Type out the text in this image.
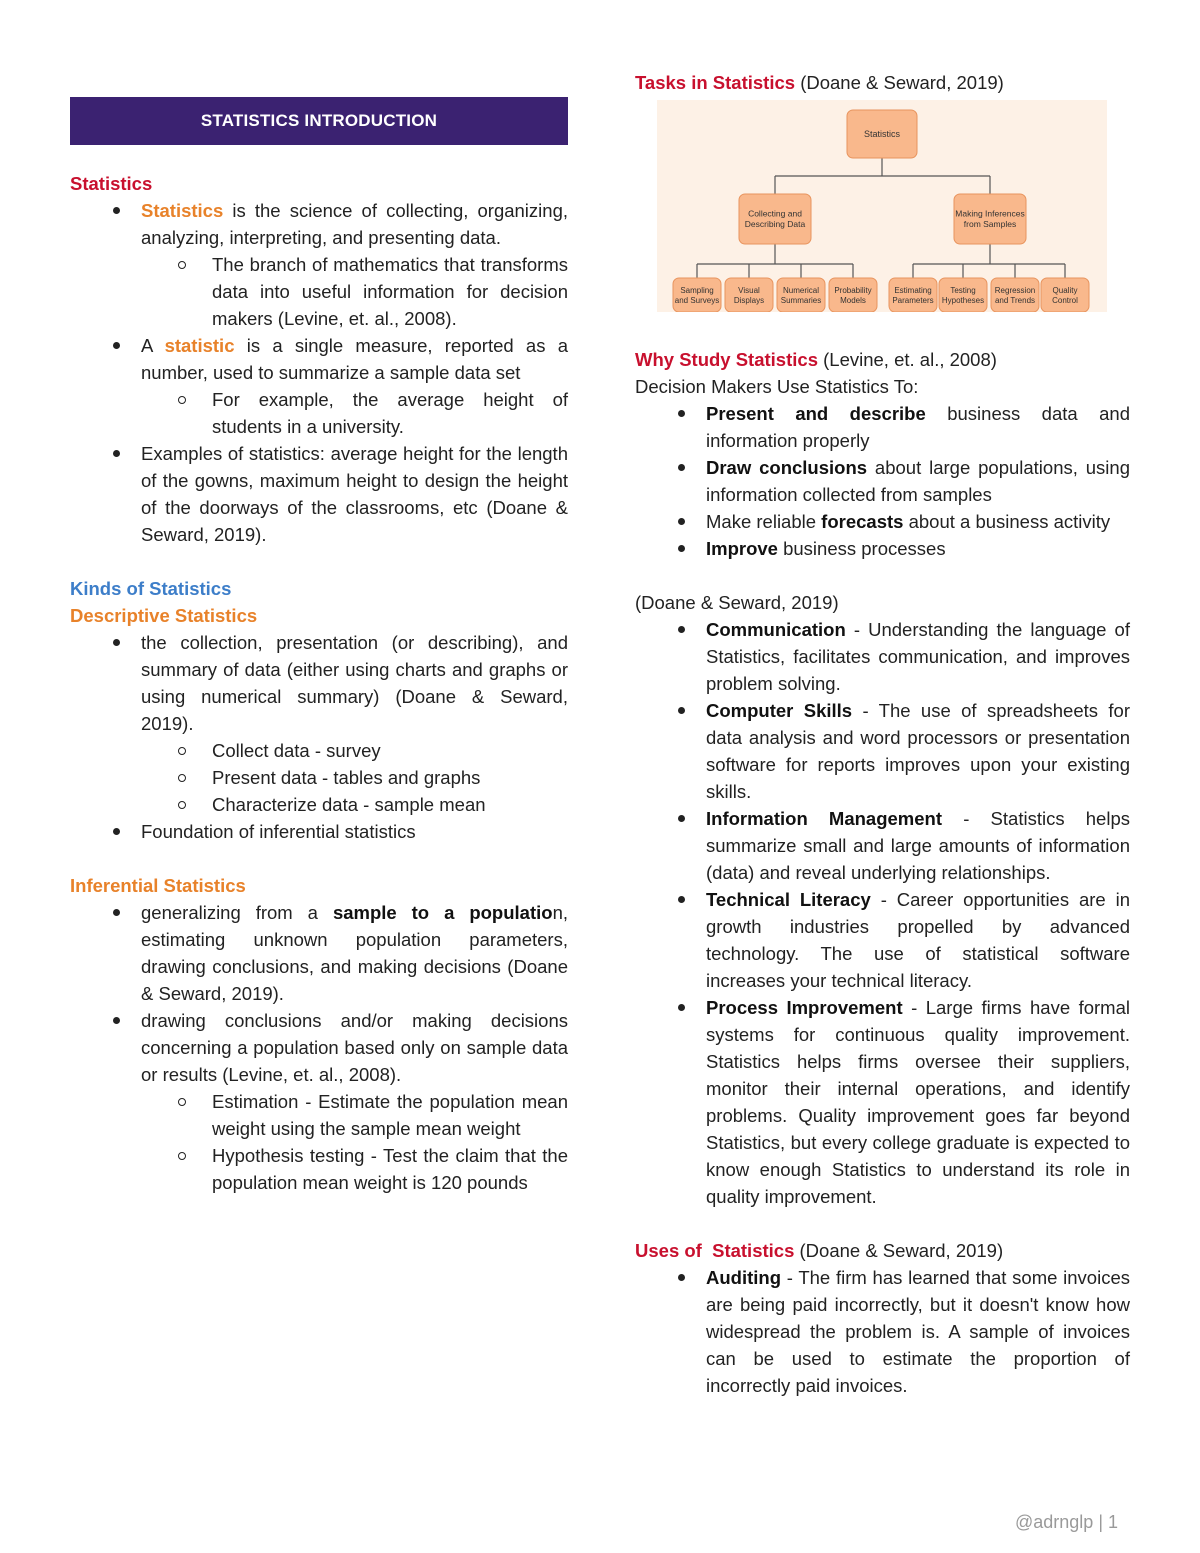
STATISTICS INTRODUCTION
Statistics
Statistics is the science of collecting, organizing, analyzing, interpreting, and presenting data.
The branch of mathematics that transforms data into useful information for decision makers (Levine, et. al., 2008).
A statistic is a single measure, reported as a number, used to summarize a sample data set
For example, the average height of students in a university.
Examples of statistics: average height for the length of the gowns, maximum height to design the height of the doorways of the classrooms, etc (Doane & Seward, 2019).
Kinds of Statistics
Descriptive Statistics
the collection, presentation (or describing), and summary of data (either using charts and graphs or using numerical summary) (Doane & Seward, 2019).
Collect data - survey
Present data - tables and graphs
Characterize data - sample mean
Foundation of inferential statistics
Inferential Statistics
generalizing from a sample to a population, estimating unknown population parameters, drawing conclusions, and making decisions (Doane & Seward, 2019).
drawing conclusions and/or making decisions concerning a population based only on sample data or results (Levine, et. al., 2008).
Estimation - Estimate the population mean weight using the sample mean weight
Hypothesis testing - Test the claim that the population mean weight is 120 pounds
Tasks in Statistics (Doane & Seward, 2019)
Statistics
Collecting and
Describing Data
Making Inferences
from Samples
Sampling
and Surveys
Visual
Displays
Numerical
Summaries
Probability
Models
Estimating
Parameters
Testing
Hypotheses
Regression
and Trends
Quality
Control
Why Study Statistics (Levine, et. al., 2008)
Decision Makers Use Statistics To:
Present and describe business data and information properly
Draw conclusions about large populations, using information collected from samples
Make reliable forecasts about a business activity
Improve business processes
(Doane & Seward, 2019)
Communication - Understanding the language of Statistics, facilitates communication, and improves problem solving.
Computer Skills - The use of spreadsheets for data analysis and word processors or presentation software for reports improves upon your existing skills.
Information Management - Statistics helps summarize small and large amounts of information (data) and reveal underlying relationships.
Technical Literacy - Career opportunities are in growth industries propelled by advanced technology. The use of statistical software increases your technical literacy.
Process Improvement - Large firms have formal systems for continuous quality improvement. Statistics helps firms oversee their suppliers, monitor their internal operations, and identify problems. Quality improvement goes far beyond Statistics, but every college graduate is expected to know enough Statistics to understand its role in quality improvement.
Uses of  Statistics (Doane & Seward, 2019)
Auditing - The firm has learned that some invoices are being paid incorrectly, but it doesn't know how widespread the problem is. A sample of invoices can be used to estimate the proportion of incorrectly paid invoices.
@adrnglp | 1
